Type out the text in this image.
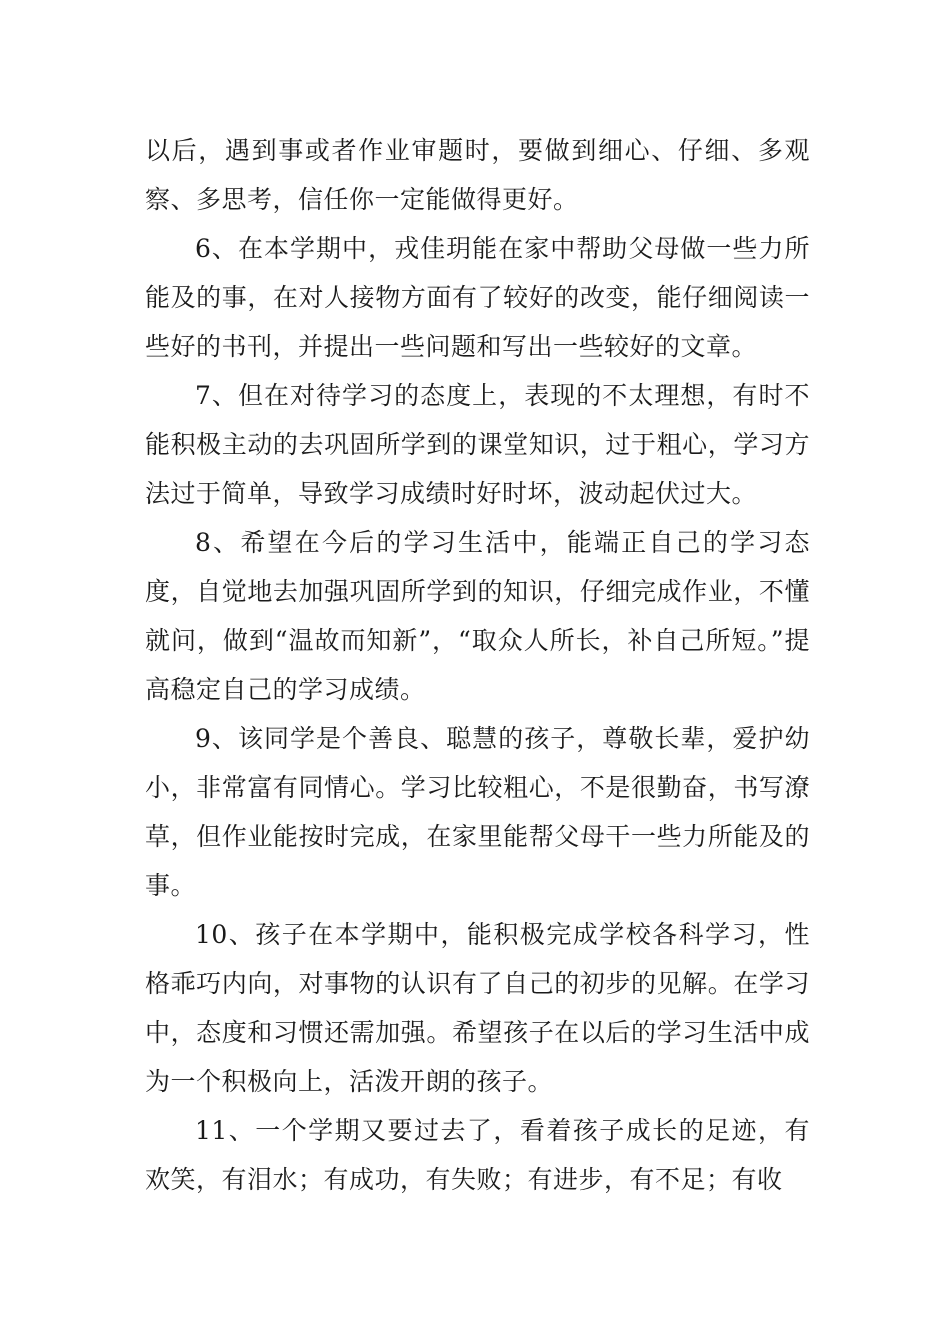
以后，遇到事或者作业审题时，要做到细心、仔细、多观察、多思考，信任你一定能做得更好。

6、在本学期中，戎佳玥能在家中帮助父母做一些力所能及的事，在对人接物方面有了较好的改变，能仔细阅读一些好的书刊，并提出一些问题和写出一些较好的文章。

7、但在对待学习的态度上，表现的不太理想，有时不能积极主动的去巩固所学到的课堂知识，过于粗心，学习方法过于简单，导致学习成绩时好时坏，波动起伏过大。

8、希望在今后的学习生活中，能端正自己的学习态度，自觉地去加强巩固所学到的知识，仔细完成作业，不懂就问，做到“温故而知新”，“取众人所长，补自己所短。”提高稳定自己的学习成绩。

9、该同学是个善良、聪慧的孩子，尊敬长辈，爱护幼小，非常富有同情心。学习比较粗心，不是很勤奋，书写潦草，但作业能按时完成，在家里能帮父母干一些力所能及的事。

10、孩子在本学期中，能积极完成学校各科学习，性格乖巧内向，对事物的认识有了自己的初步的见解。在学习中，态度和习惯还需加强。希望孩子在以后的学习生活中成为一个积极向上，活泼开朗的孩子。

11、一个学期又要过去了，看着孩子成长的足迹，有欢笑，有泪水；有成功，有失败；有进步，有不足；有收
